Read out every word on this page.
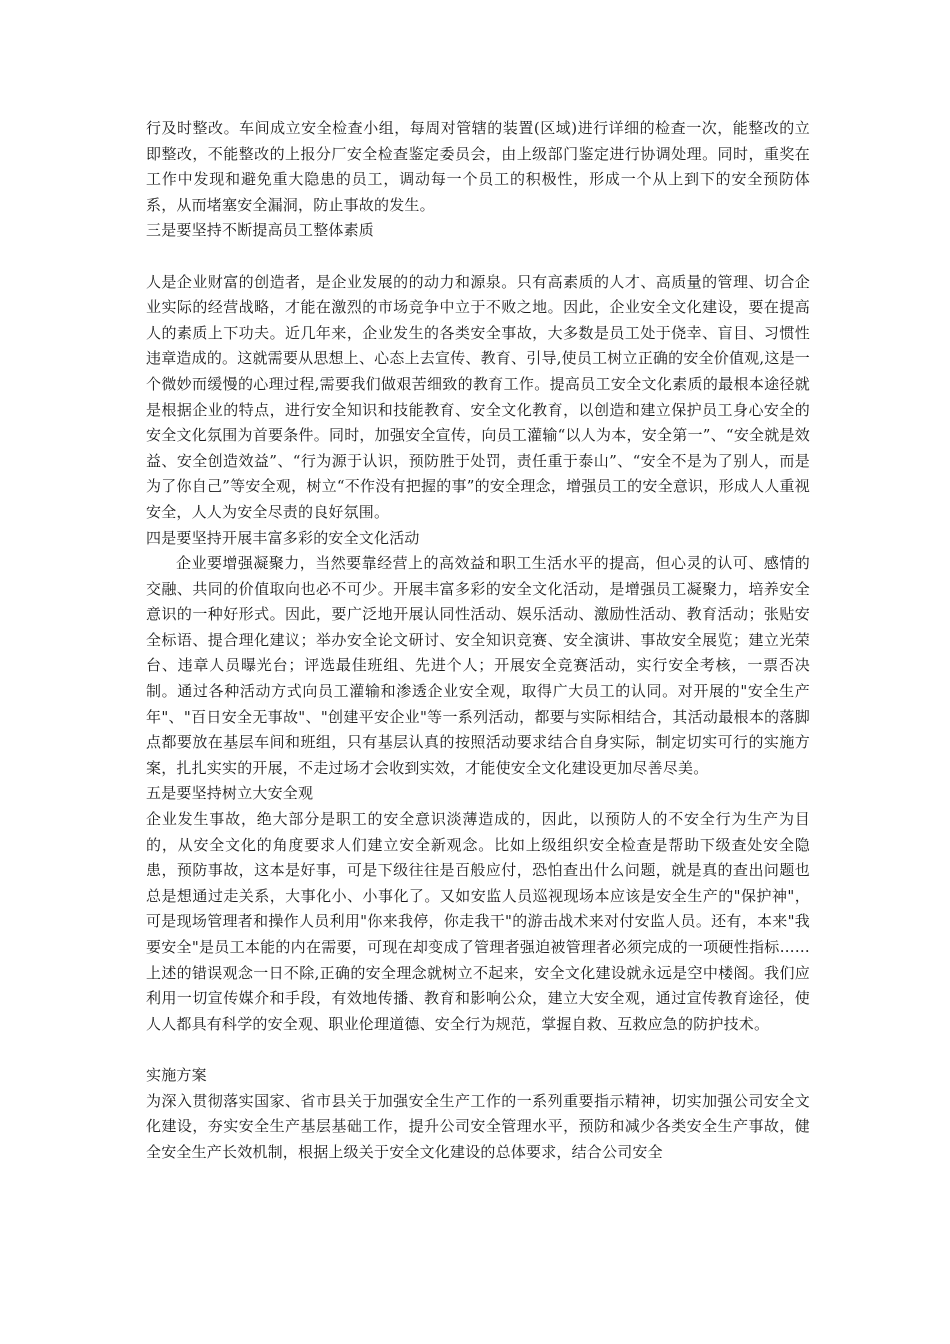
行及时整改。车间成立安全检查小组，每周对管辖的装置(区域)进行详细的检查一次，能整改的立即整改，不能整改的上报分厂安全检查鉴定委员会，由上级部门鉴定进行协调处理。同时，重奖在工作中发现和避免重大隐患的员工，调动每一个员工的积极性，形成一个从上到下的安全预防体系，从而堵塞安全漏洞，防止事故的发生。

三是要坚持不断提高员工整体素质

人是企业财富的创造者，是企业发展的的动力和源泉。只有高素质的人才、高质量的管理、切合企业实际的经营战略，才能在激烈的市场竞争中立于不败之地。因此，企业安全文化建设，要在提高人的素质上下功夫。近几年来，企业发生的各类安全事故，大多数是员工处于侥幸、盲目、习惯性违章造成的。这就需要从思想上、心态上去宣传、教育、引导,使员工树立正确的安全价值观,这是一个微妙而缓慢的心理过程,需要我们做艰苦细致的教育工作。提高员工安全文化素质的最根本途径就是根据企业的特点，进行安全知识和技能教育、安全文化教育，以创造和建立保护员工身心安全的安全文化氛围为首要条件。同时，加强安全宣传，向员工灌输“以人为本，安全第一”、“安全就是效益、安全创造效益”、“行为源于认识，预防胜于处罚，责任重于泰山”、“安全不是为了别人，而是为了你自己”等安全观，树立“不作没有把握的事”的安全理念，增强员工的安全意识，形成人人重视安全，人人为安全尽责的良好氛围。

四是要坚持开展丰富多彩的安全文化活动

企业要增强凝聚力，当然要靠经营上的高效益和职工生活水平的提高，但心灵的认可、感情的交融、共同的价值取向也必不可少。开展丰富多彩的安全文化活动，是增强员工凝聚力，培养安全意识的一种好形式。因此，要广泛地开展认同性活动、娱乐活动、激励性活动、教育活动；张贴安全标语、提合理化建议；举办安全论文研讨、安全知识竞赛、安全演讲、事故安全展览；建立光荣台、违章人员曝光台；评选最佳班组、先进个人；开展安全竞赛活动，实行安全考核，一票否决制。通过各种活动方式向员工灌输和渗透企业安全观，取得广大员工的认同。对开展的"安全生产年"、"百日安全无事故"、"创建平安企业"等一系列活动，都要与实际相结合，其活动最根本的落脚点都要放在基层车间和班组，只有基层认真的按照活动要求结合自身实际，制定切实可行的实施方案，扎扎实实的开展，不走过场才会收到实效，才能使安全文化建设更加尽善尽美。

五是要坚持树立大安全观

企业发生事故，绝大部分是职工的安全意识淡薄造成的，因此，以预防人的不安全行为生产为目的，从安全文化的角度要求人们建立安全新观念。比如上级组织安全检查是帮助下级查处安全隐患，预防事故，这本是好事，可是下级往往是百般应付，恐怕查出什么问题，就是真的查出问题也总是想通过走关系，大事化小、小事化了。又如安监人员巡视现场本应该是安全生产的"保护神"，可是现场管理者和操作人员利用"你来我停，你走我干"的游击战术来对付安监人员。还有，本来"我要安全"是员工本能的内在需要，可现在却变成了管理者强迫被管理者必须完成的一项硬性指标……上述的错误观念一日不除,正确的安全理念就树立不起来，安全文化建设就永远是空中楼阁。我们应利用一切宣传媒介和手段，有效地传播、教育和影响公众，建立大安全观，通过宣传教育途径，使人人都具有科学的安全观、职业伦理道德、安全行为规范，掌握自救、互救应急的防护技术。

实施方案

为深入贯彻落实国家、省市县关于加强安全生产工作的一系列重要指示精神，切实加强公司安全文化建设，夯实安全生产基层基础工作，提升公司安全管理水平，预防和减少各类安全生产事故，健全安全生产长效机制，根据上级关于安全文化建设的总体要求，结合公司安全
